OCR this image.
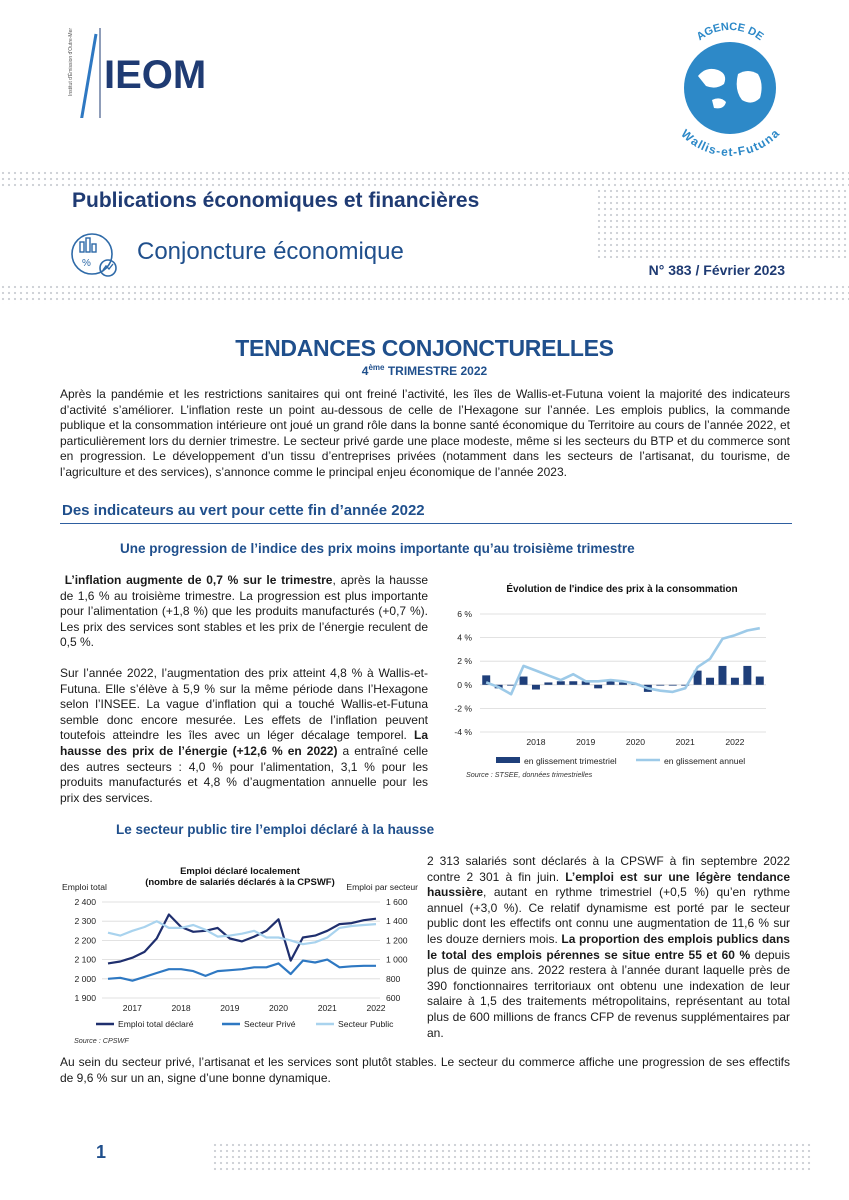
Institut d'Émission d'Outre-Mer IEOM
AGENCE DE
Wallis-et-Futuna
Publications économiques et financières
% Conjoncture économique
N° 383 / Février 2023
TENDANCES CONJONCTURELLES
4ème TRIMESTRE 2022

Après la pandémie et les restrictions sanitaires qui ont freiné l’activité, les îles de Wallis-et-Futuna voient la majorité des indicateurs d’activité s’améliorer. L’inflation reste un point au-dessous de celle de l’Hexagone sur l’année. Les emplois publics, la commande publique et la consommation intérieure ont joué un grand rôle dans la bonne santé économique du Territoire au cours de l’année 2022, et particulièrement lors du dernier trimestre. Le secteur privé garde une place modeste, même si les secteurs du BTP et du commerce sont en progression. Le développement d’un tissu d’entreprises privées (notamment dans les secteurs de l’artisanat, du tourisme, de l’agriculture et des services), s’annonce comme le principal enjeu économique de l’année 2023.

Des indicateurs au vert pour cette fin d’année 2022
Une progression de l’indice des prix moins importante qu’au troisième trimestre

L’inflation augmente de 0,7 % sur le trimestre, après la hausse de 1,6 % au troisième trimestre. La progression est plus importante pour l’alimentation (+1,8 %) que les produits manufacturés (+0,7 %). Les prix des services sont stables et les prix de l’énergie reculent de 0,5 %.

Sur l’année 2022, l’augmentation des prix atteint 4,8 % à Wallis-et-Futuna. Elle s’élève à 5,9 % sur la même période dans l’Hexagone selon l’INSEE. La vague d’inflation qui a touché Wallis-et-Futuna semble donc encore mesurée. Les effets de l’inflation peuvent toutefois atteindre les îles avec un léger décalage temporel. La hausse des prix de l’énergie (+12,6 % en 2022) a entraîné celle des autres secteurs : 4,0 % pour l’alimentation, 3,1 % pour les produits manufacturés et 4,8 % d’augmentation annuelle pour les prix des services.

Évolution de l'indice des prix à la consommation
6 %
4 %
2 %
0 %
-2 %
-4 %
2018	2019	2020	2021	2022
en glissement trimestriel	en glissement annuel
Source : STSEE, données trimestrielles
Le secteur public tire l’emploi déclaré à la hausse
Emploi déclaré localement
(nombre de salariés déclarés à la CPSWF)
Emploi total	Emploi par secteur
2 400
2 300
2 200
2 100
2 000
1 900
1 600
1 400
1 200
1 000
800
600
2017	2018	2019	2020	2021	2022
Emploi total déclaré	Secteur Privé	Secteur Public
Source : CPSWF

2 313 salariés sont déclarés à la CPSWF à fin septembre 2022 contre 2 301 à fin juin. L’emploi est sur une légère tendance haussière, autant en rythme trimestriel (+0,5 %) qu’en rythme annuel (+3,0 %). Ce relatif dynamisme est porté par le secteur public dont les effectifs ont connu une augmentation de 11,6 % sur les douze derniers mois. La proportion des emplois publics dans le total des emplois pérennes se situe entre 55 et 60 % depuis plus de quinze ans. 2022 restera à l’année durant laquelle près de 390 fonctionnaires territoriaux ont obtenu une indexation de leur salaire à 1,5 des traitements métropolitains, représentant au total plus de 600 millions de francs CFP de revenus supplémentaires par an.

Au sein du secteur privé, l’artisanat et les services sont plutôt stables. Le secteur du commerce affiche une progression de ses effectifs de 9,6 % sur un an, signe d’une bonne dynamique.

1
